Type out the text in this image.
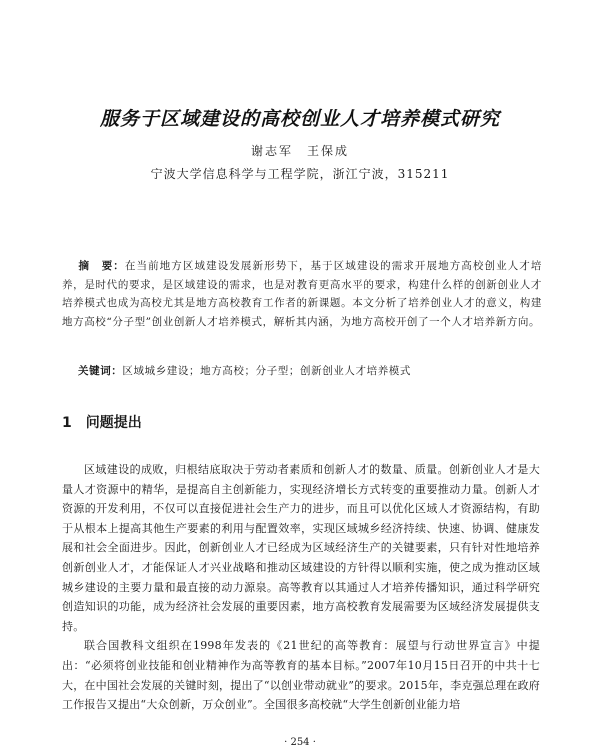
服务于区域建设的高校创业人才培养模式研究
谢志军　王保成
宁波大学信息科学与工程学院，浙江宁波，315211
摘　要：在当前地方区域建设发展新形势下，基于区域建设的需求开展地方高校创业人才培养，是时代的要求，是区域建设的需求，也是对教育更高水平的要求，构建什么样的创新创业人才培养模式也成为高校尤其是地方高校教育工作者的新课题。本文分析了培养创业人才的意义，构建地方高校“分子型”创业创新人才培养模式，解析其内涵，为地方高校开创了一个人才培养新方向。
关键词：区域城乡建设；地方高校；分子型；创新创业人才培养模式
1 问题提出

区域建设的成败，归根结底取决于劳动者素质和创新人才的数量、质量。创新创业人才是大量人才资源中的精华，是提高自主创新能力，实现经济增长方式转变的重要推动力量。创新人才资源的开发利用，不仅可以直接促进社会生产力的进步，而且可以优化区域人才资源结构，有助于从根本上提高其他生产要素的利用与配置效率，实现区域城乡经济持续、快速、协调、健康发展和社会全面进步。因此，创新创业人才已经成为区域经济生产的关键要素，只有针对性地培养创新创业人才，才能保证人才兴业战略和推动区域建设的方针得以顺利实施，使之成为推动区域城乡建设的主要力量和最直接的动力源泉。高等教育以其通过人才培养传播知识，通过科学研究创造知识的功能，成为经济社会发展的重要因素，地方高校教育发展需要为区域经济发展提供支持。

联合国教科文组织在1998年发表的《21世纪的高等教育：展望与行动世界宣言》中提出：“必须将创业技能和创业精神作为高等教育的基本目标。”2007年10月15日召开的中共十七大，在中国社会发展的关键时刻，提出了“以创业带动就业”的要求。2015年，李克强总理在政府工作报告又提出“大众创新，万众创业”。全国很多高校就“大学生创新创业能力培

· 254 ·
